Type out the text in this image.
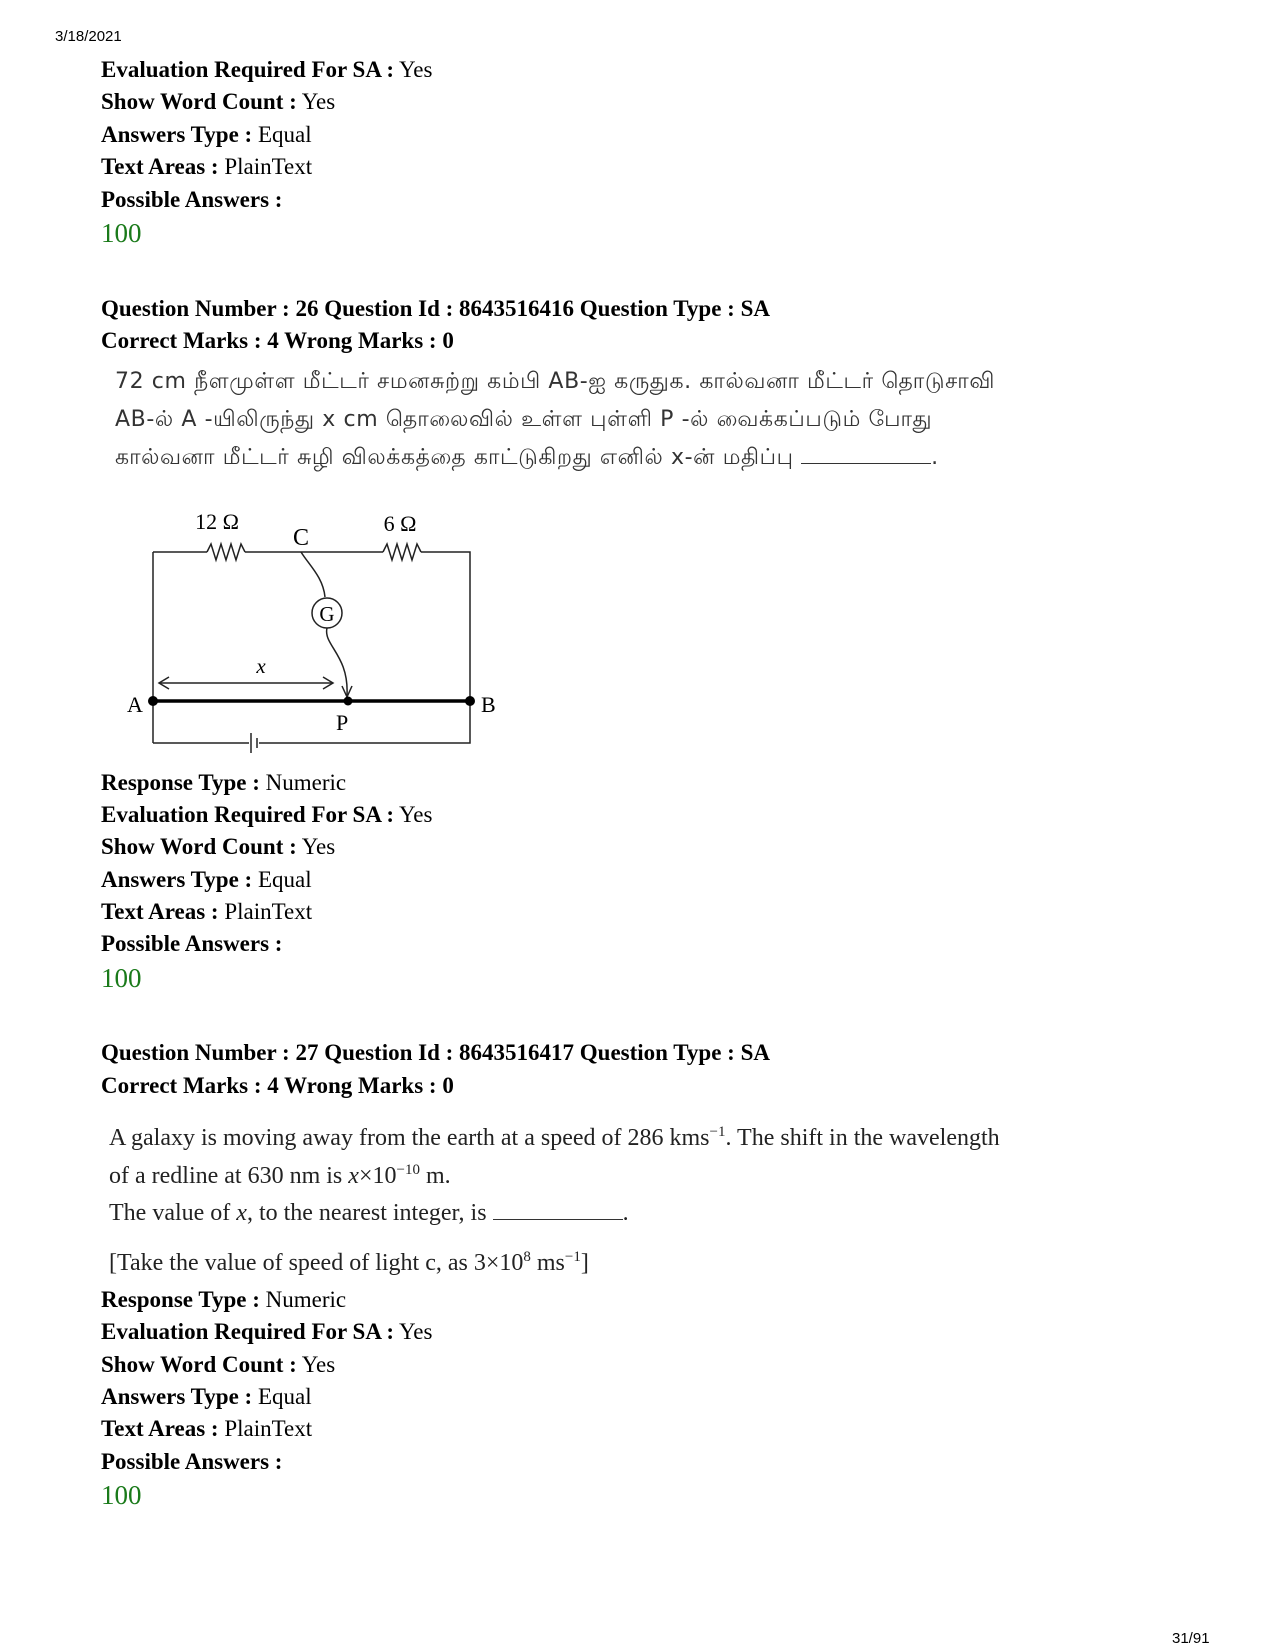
3/18/2021
Evaluation Required For SA : Yes
Show Word Count : Yes
Answers Type : Equal
Text Areas : PlainText
Possible Answers :
100
Question Number : 26 Question Id : 8643516416 Question Type : SA
Correct Marks : 4 Wrong Marks : 0
72 cm நீளமுள்ள மீட்டர் சமனசுற்று கம்பி AB-ஐ கருதுக. கால்வனா மீட்டர் தொடுசாவி
AB-ல் A -யிலிருந்து x cm தொலைவில் உள்ள புள்ளி P -ல் வைக்கப்படும் போது
கால்வனா மீட்டர் சுழி விலக்கத்தை காட்டுகிறது எனில் x-ன் மதிப்பு	.
12 Ω	6 Ω
C
G
x
A
P
B
Response Type : Numeric
Evaluation Required For SA : Yes
Show Word Count : Yes
Answers Type : Equal
Text Areas : PlainText
Possible Answers :
100
Question Number : 27 Question Id : 8643516417 Question Type : SA
Correct Marks : 4 Wrong Marks : 0
A galaxy is moving away from the earth at a speed of 286 kms$^{-1}$. The shift in the wavelength
of a redline at 630 nm is $x\times 10^{-10}$ m.
The value of x, to the nearest integer, is	.
[Take the value of speed of light c, as $3\times 10^8$ $ms^{-1}$]
Response Type : Numeric
Evaluation Required For SA : Yes
Show Word Count : Yes
Answers Type : Equal
Text Areas : PlainText
Possible Answers :
100
31/91
